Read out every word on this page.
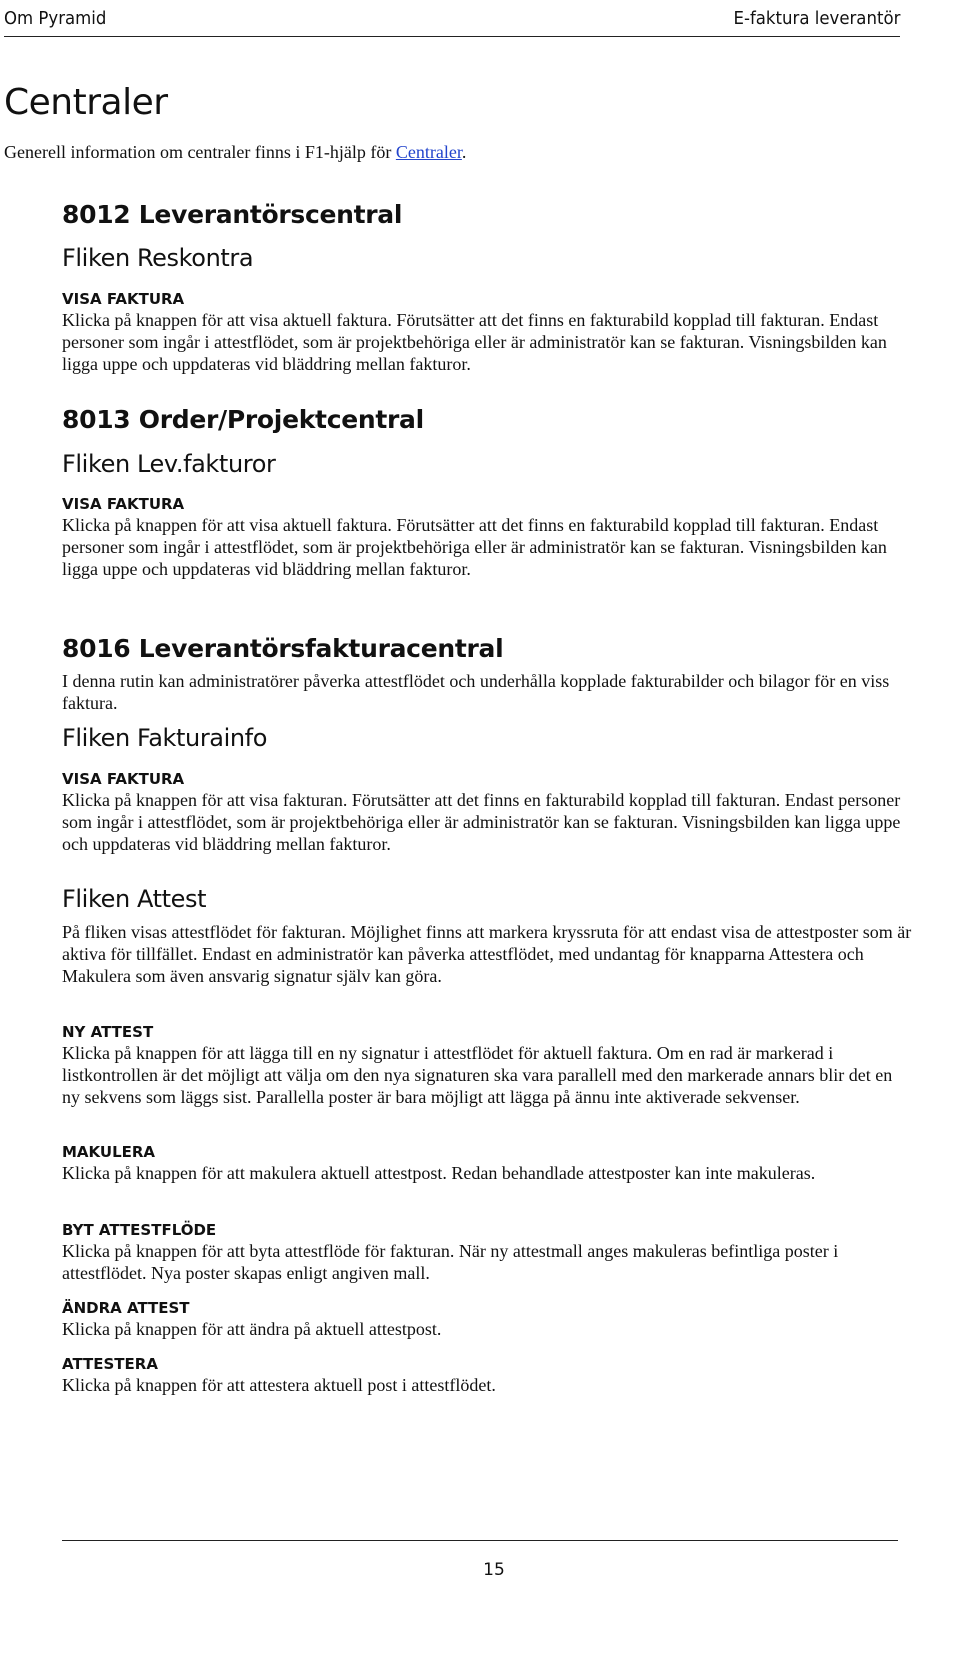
Om Pyramid	E-faktura leverantör
Centraler

Generell information om centraler finns i F1-hjälp för Centraler.

8012 Leverantörscentral
Fliken Reskontra
VISA FAKTURA

Klicka på knappen för att visa aktuell faktura. Förutsätter att det finns en fakturabild kopplad till fakturan. Endast personer som ingår i attestflödet, som är projektbehöriga eller är administratör kan se fakturan. Visningsbilden kan ligga uppe och uppdateras vid bläddring mellan fakturor.

8013 Order/Projektcentral
Fliken Lev.fakturor
VISA FAKTURA

Klicka på knappen för att visa aktuell faktura. Förutsätter att det finns en fakturabild kopplad till fakturan. Endast personer som ingår i attestflödet, som är projektbehöriga eller är administratör kan se fakturan. Visningsbilden kan ligga uppe och uppdateras vid bläddring mellan fakturor.

8016 Leverantörsfakturacentral

I denna rutin kan administratörer påverka attestflödet och underhålla kopplade fakturabilder och bilagor för en viss faktura.

Fliken Fakturainfo
VISA FAKTURA

Klicka på knappen för att visa fakturan. Förutsätter att det finns en fakturabild kopplad till fakturan. Endast personer som ingår i attestflödet, som är projektbehöriga eller är administratör kan se fakturan. Visningsbilden kan ligga uppe och uppdateras vid bläddring mellan fakturor.

Fliken Attest

På fliken visas attestflödet för fakturan. Möjlighet finns att markera kryssruta för att endast visa de attestposter som är aktiva för tillfället. Endast en administratör kan påverka attestflödet, med undantag för knapparna Attestera och Makulera som även ansvarig signatur själv kan göra.

NY ATTEST

Klicka på knappen för att lägga till en ny signatur i attestflödet för aktuell faktura. Om en rad är markerad i listkontrollen är det möjligt att välja om den nya signaturen ska vara parallell med den markerade annars blir det en ny sekvens som läggs sist. Parallella poster är bara möjligt att lägga på ännu inte aktiverade sekvenser.

MAKULERA

Klicka på knappen för att makulera aktuell attestpost. Redan behandlade attestposter kan inte makuleras.

BYT ATTESTFLÖDE

Klicka på knappen för att byta attestflöde för fakturan. När ny attestmall anges makuleras befintliga poster i attestflödet. Nya poster skapas enligt angiven mall.

ÄNDRA ATTEST

Klicka på knappen för att ändra på aktuell attestpost.

ATTESTERA

Klicka på knappen för att attestera aktuell post i attestflödet.

15
